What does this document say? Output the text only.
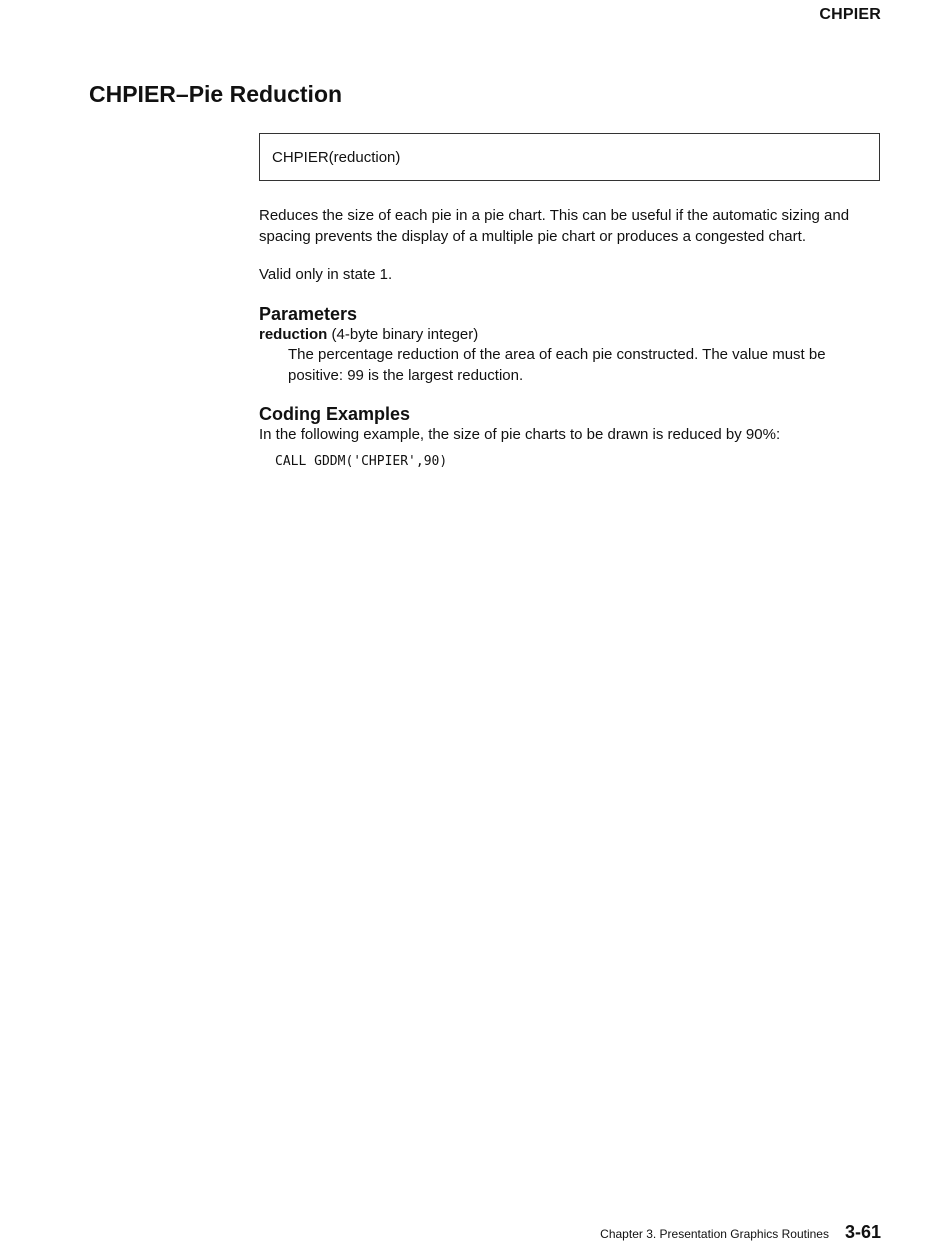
CHPIER
CHPIER–Pie Reduction
CHPIER(reduction)

Reduces the size of each pie in a pie chart. This can be useful if the automatic sizing and spacing prevents the display of a multiple pie chart or produces a congested chart.

Valid only in state 1.

Parameters

reduction (4-byte binary integer)

The percentage reduction of the area of each pie constructed. The value must be positive: 99 is the largest reduction.

Coding Examples

In the following example, the size of pie charts to be drawn is reduced by 90%:

CALL GDDM('CHPIER',90)
Chapter 3. Presentation Graphics Routines 3-61
